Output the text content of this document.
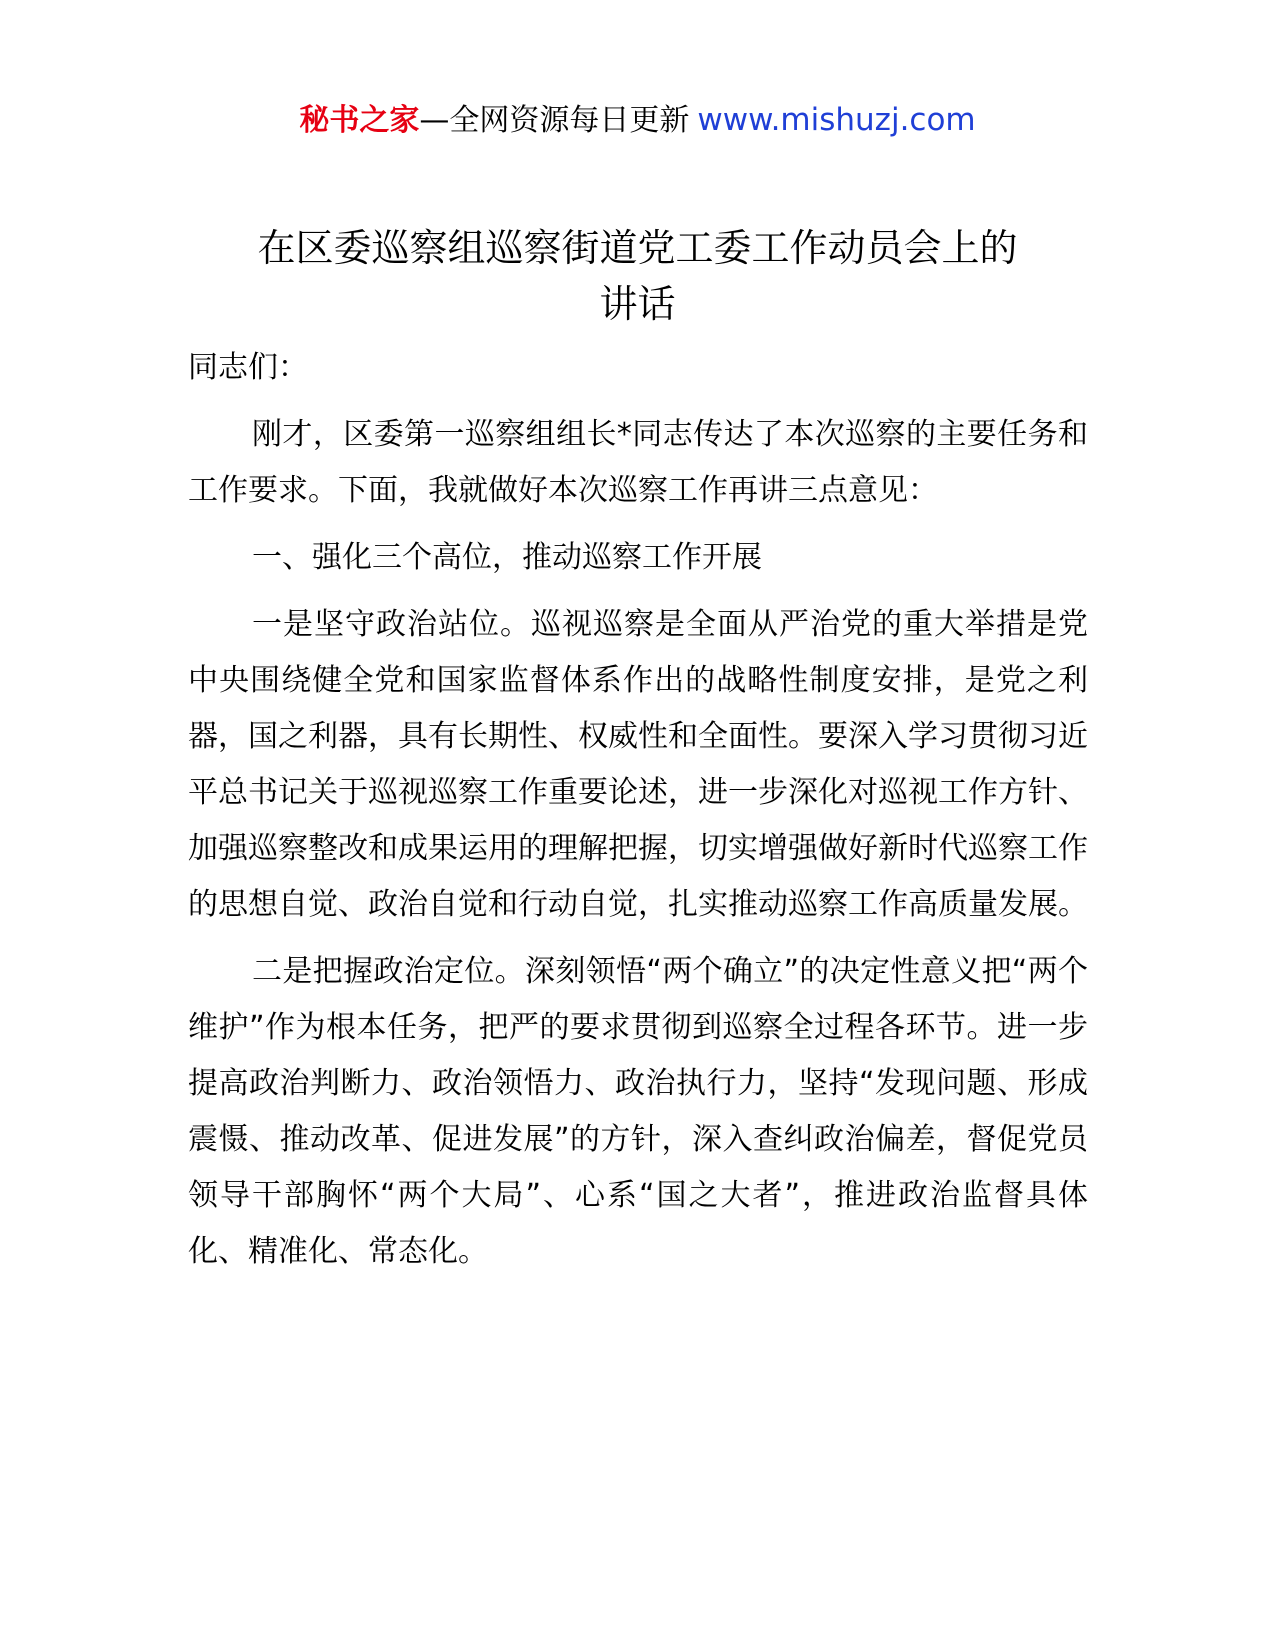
秘书之家—全网资源每日更新 www.mishuzj.com
在区委巡察组巡察街道党工委工作动员会上的
讲话

同志们：

刚才，区委第一巡察组组长*同志传达了本次巡察的主要任务和工作要求。下面，我就做好本次巡察工作再讲三点意见：

一、强化三个高位，推动巡察工作开展

一是坚守政治站位。巡视巡察是全面从严治党的重大举措是党中央围绕健全党和国家监督体系作出的战略性制度安排，是党之利器，国之利器，具有长期性、权威性和全面性。要深入学习贯彻习近平总书记关于巡视巡察工作重要论述，进一步深化对巡视工作方针、加强巡察整改和成果运用的理解把握，切实增强做好新时代巡察工作的思想自觉、政治自觉和行动自觉，扎实推动巡察工作高质量发展。

二是把握政治定位。深刻领悟“两个确立”的决定性意义把“两个维护”作为根本任务，把严的要求贯彻到巡察全过程各环节。进一步提高政治判断力、政治领悟力、政治执行力，坚持“发现问题、形成震慑、推动改革、促进发展”的方针，深入查纠政治偏差，督促党员领导干部胸怀“两个大局”、心系“国之大者”，推进政治监督具体化、精准化、常态化。
